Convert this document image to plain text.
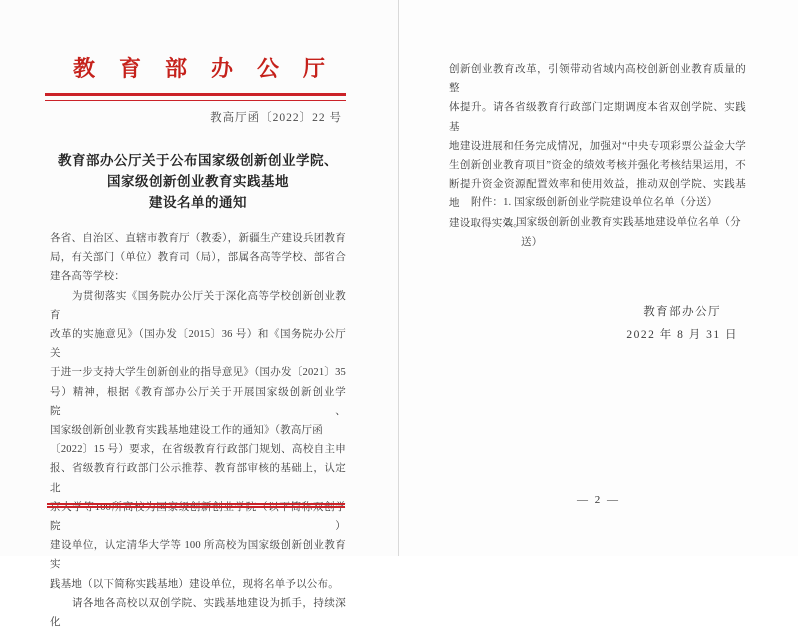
教育部办公厅
教高厅函〔2022〕22 号
教育部办公厅关于公布国家级创新创业学院、
国家级创新创业教育实践基地
建设名单的通知
各省、自治区、直辖市教育厅（教委），新疆生产建设兵团教育
局，有关部门（单位）教育司（局），部属各高等学校、部省合
建各高等学校：
　　为贯彻落实《国务院办公厅关于深化高等学校创新创业教育
改革的实施意见》（国办发〔2015〕36 号）和《国务院办公厅关
于进一步支持大学生创新创业的指导意见》（国办发〔2021〕35
号）精神，根据《教育部办公厅关于开展国家级创新创业学院、
国家级创新创业教育实践基地建设工作的通知》（教高厅函
〔2022〕15 号）要求，在省级教育行政部门规划、高校自主申
报、省级教育行政部门公示推荐、教育部审核的基础上，认定北
京大学等100所高校为国家级创新创业学院（以下简称双创学院）
建设单位，认定清华大学等 100 所高校为国家级创新创业教育实
践基地（以下简称实践基地）建设单位，现将名单予以公布。
　　请各地各高校以双创学院、实践基地建设为抓手，持续深化
创新创业教育改革，引领带动省域内高校创新创业教育质量的整
体提升。请各省级教育行政部门定期调度本省双创学院、实践基
地建设进展和任务完成情况，加强对“中央专项彩票公益金大学
生创新创业教育项目”资金的绩效考核并强化考核结果运用，不
断提升资金资源配置效率和使用效益，推动双创学院、实践基地
建设取得实效。
附件：1. 国家级创新创业学院建设单位名单（分送）
2. 国家级创新创业教育实践基地建设单位名单（分
送）
教育部办公厅
2022 年 8 月 31 日
— 2 —
